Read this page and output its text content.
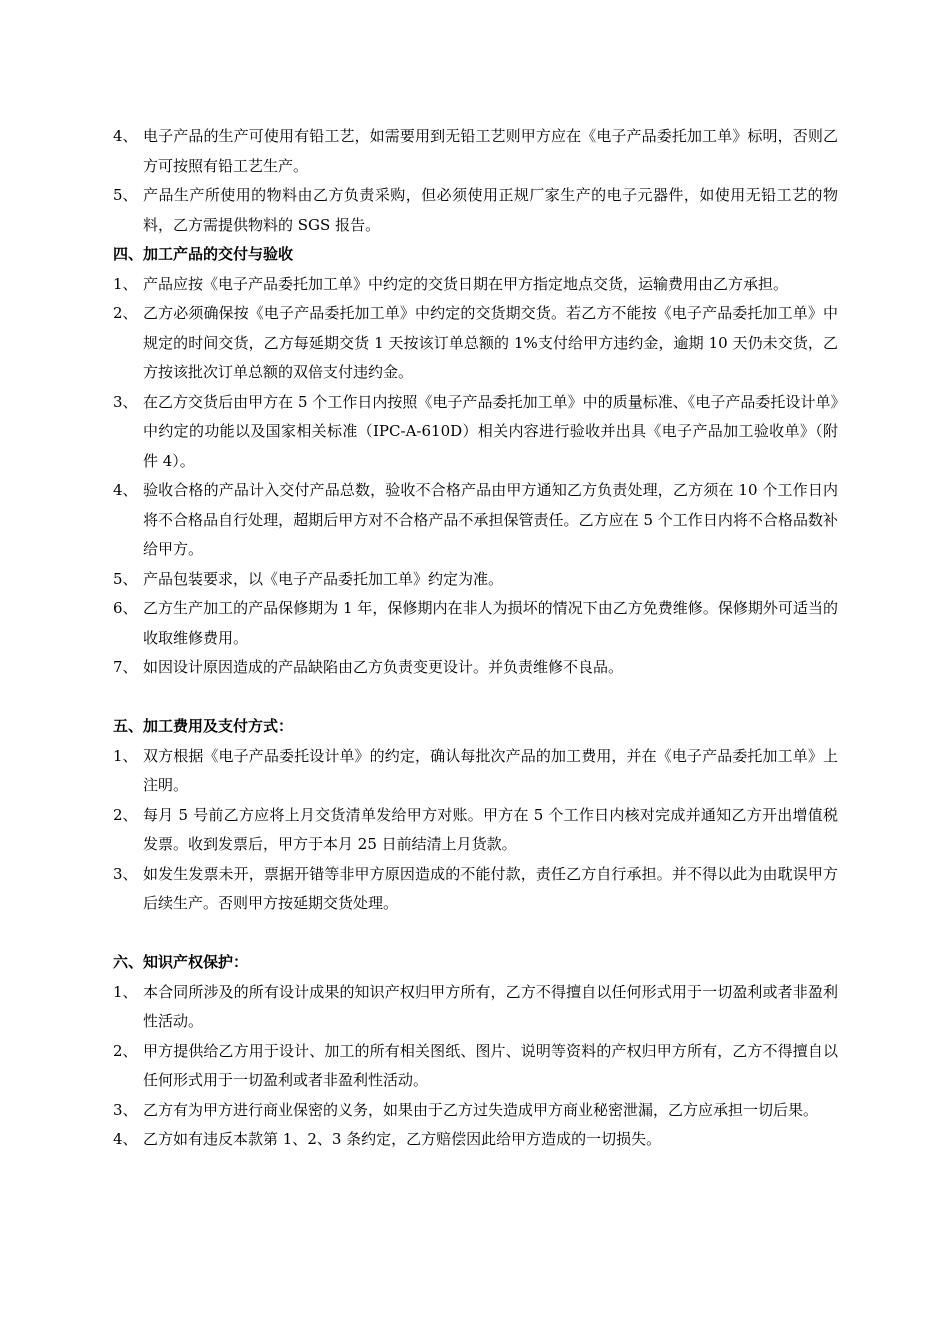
4、 电子产品的生产可使用有铅工艺，如需要用到无铅工艺则甲方应在《电子产品委托加工单》标明，否则乙方可按照有铅工艺生产。
5、 产品生产所使用的物料由乙方负责采购，但必须使用正规厂家生产的电子元器件，如使用无铅工艺的物料，乙方需提供物料的 SGS 报告。
四、加工产品的交付与验收
1、 产品应按《电子产品委托加工单》中约定的交货日期在甲方指定地点交货，运输费用由乙方承担。
2、 乙方必须确保按《电子产品委托加工单》中约定的交货期交货。若乙方不能按《电子产品委托加工单》中规定的时间交货，乙方每延期交货 1 天按该订单总额的 1%支付给甲方违约金，逾期 10 天仍未交货，乙方按该批次订单总额的双倍支付违约金。
3、 在乙方交货后由甲方在 5 个工作日内按照《电子产品委托加工单》中的质量标准、《电子产品委托设计单》中约定的功能以及国家相关标准（IPC-A-610D）相关内容进行验收并出具《电子产品加工验收单》（附件 4）。
4、 验收合格的产品计入交付产品总数，验收不合格产品由甲方通知乙方负责处理，乙方须在 10 个工作日内将不合格品自行处理，超期后甲方对不合格产品不承担保管责任。乙方应在 5 个工作日内将不合格品数补给甲方。
5、 产品包装要求，以《电子产品委托加工单》约定为准。
6、 乙方生产加工的产品保修期为 1 年，保修期内在非人为损坏的情况下由乙方免费维修。保修期外可适当的收取维修费用。
7、 如因设计原因造成的产品缺陷由乙方负责变更设计。并负责维修不良品。
五、加工费用及支付方式：
1、 双方根据《电子产品委托设计单》的约定，确认每批次产品的加工费用，并在《电子产品委托加工单》上注明。
2、 每月 5 号前乙方应将上月交货清单发给甲方对账。甲方在 5 个工作日内核对完成并通知乙方开出增值税发票。收到发票后，甲方于本月 25 日前结清上月货款。
3、 如发生发票未开，票据开错等非甲方原因造成的不能付款，责任乙方自行承担。并不得以此为由耽误甲方后续生产。否则甲方按延期交货处理。
六、知识产权保护：
1、 本合同所涉及的所有设计成果的知识产权归甲方所有，乙方不得擅自以任何形式用于一切盈利或者非盈利性活动。
2、 甲方提供给乙方用于设计、加工的所有相关图纸、图片、说明等资料的产权归甲方所有，乙方不得擅自以任何形式用于一切盈利或者非盈利性活动。
3、 乙方有为甲方进行商业保密的义务，如果由于乙方过失造成甲方商业秘密泄漏，乙方应承担一切后果。
4、 乙方如有违反本款第 1、2、3 条约定，乙方赔偿因此给甲方造成的一切损失。
